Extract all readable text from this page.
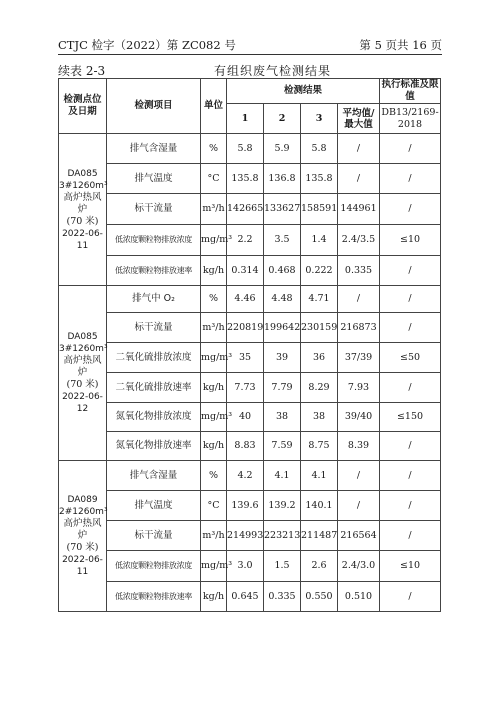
CTJC 检字（2022）第 ZC082 号	第 5 页共 16 页
续表 2-3	有组织废气检测结果
检测点位及日期	检测项目	单位	检测结果				执行标准及限值
			1	2	3	平均值/最大值	DB13/2169-2018

DA085
3#1260m³
高炉热风炉
(70 米)
2022-06-11	排气含湿量	%	5.8	5.9	5.8	/	/
	排气温度	°C	135.8	136.8	135.8	/	/
	标干流量	m³/h	142665	133627	158591	144961	/
	低浓度颗粒物排放浓度	mg/m³	2.2	3.5	1.4	2.4/3.5	≤10
	低浓度颗粒物排放速率	kg/h	0.314	0.468	0.222	0.335	/

DA085
3#1260m³
高炉热风炉
(70 米)
2022-06-12	排气中 O₂	%	4.46	4.48	4.71	/	/
	标干流量	m³/h	220819	199642	230159	216873	/
	二氧化硫排放浓度	mg/m³	35	39	36	37/39	≤50
	二氧化硫排放速率	kg/h	7.73	7.79	8.29	7.93	/
	氮氧化物排放浓度	mg/m³	40	38	38	39/40	≤150
	氮氧化物排放速率	kg/h	8.83	7.59	8.75	8.39	/

DA089
2#1260m³
高炉热风炉
(70 米)
2022-06-11	排气含湿量	%	4.2	4.1	4.1	/	/
	排气温度	°C	139.6	139.2	140.1	/	/
	标干流量	m³/h	214993	223213	211487	216564	/
	低浓度颗粒物排放浓度	mg/m³	3.0	1.5	2.6	2.4/3.0	≤10
	低浓度颗粒物排放速率	kg/h	0.645	0.335	0.550	0.510	/
